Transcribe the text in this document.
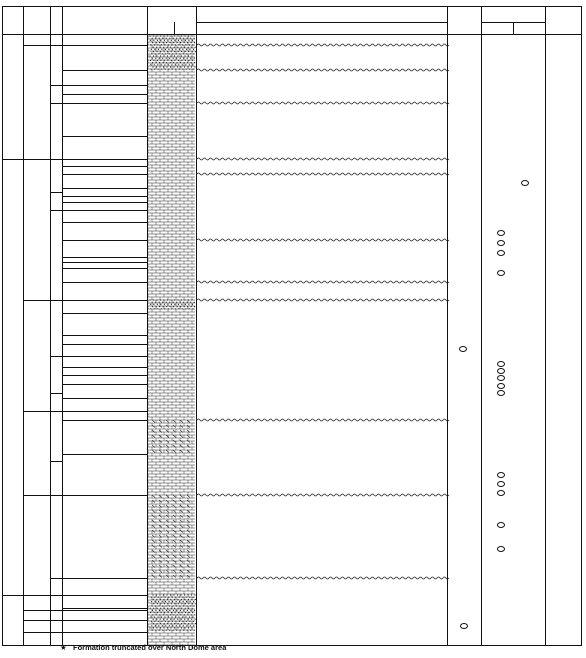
★ Formation truncated over North Dome area
